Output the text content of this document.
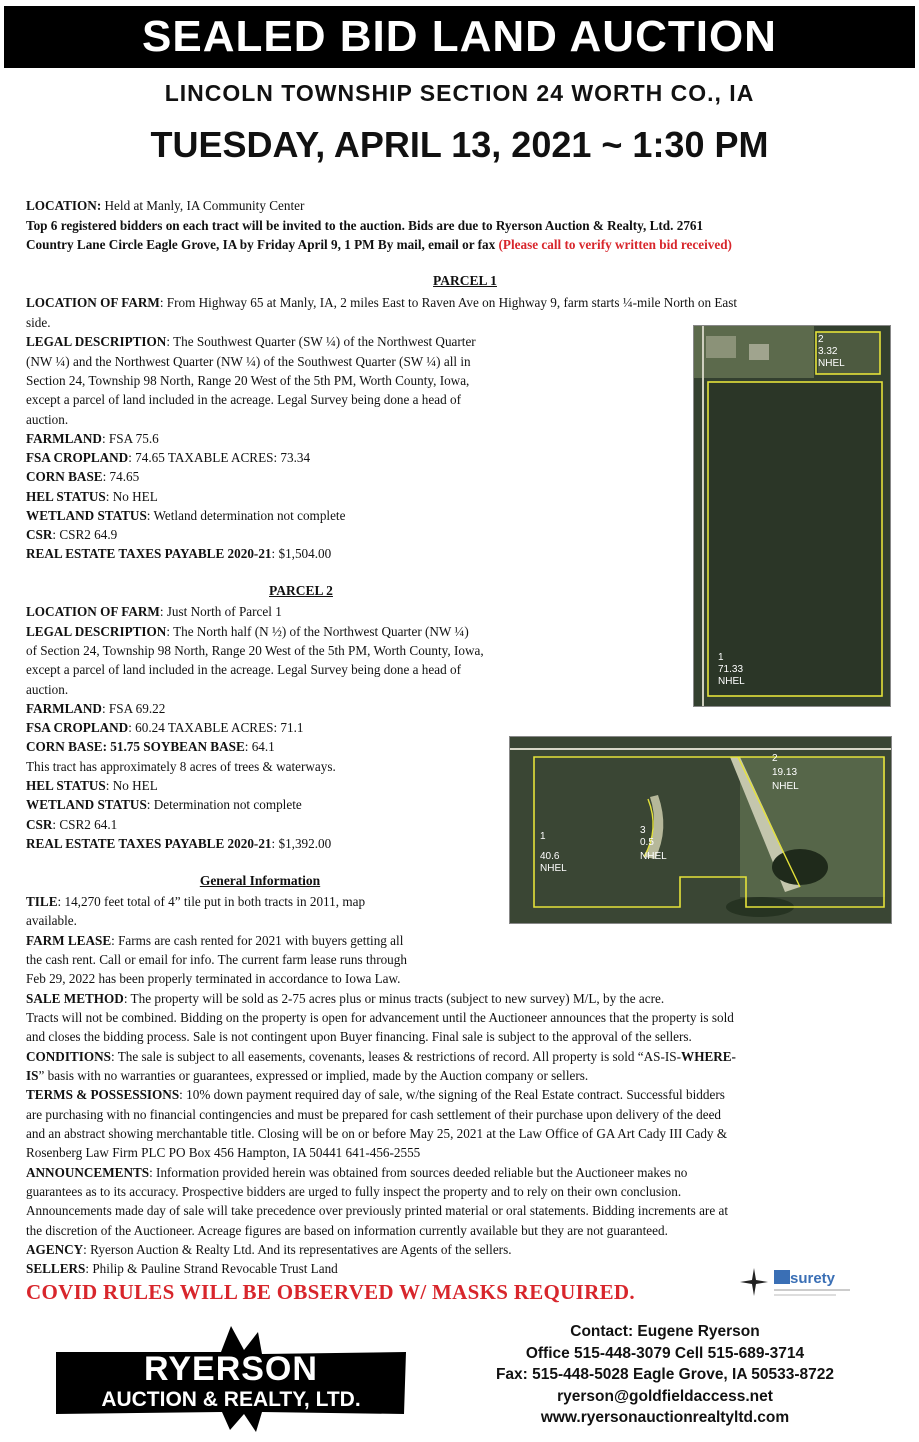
SEALED BID LAND AUCTION
LINCOLN TOWNSHIP SECTION 24 WORTH CO., IA
TUESDAY, APRIL 13, 2021 ~ 1:30 PM
LOCATION: Held at Manly, IA Community Center
Top 6 registered bidders on each tract will be invited to the auction. Bids are due to Ryerson Auction & Realty, Ltd. 2761
Country Lane Circle Eagle Grove, IA by Friday April 9, 1 PM By mail, email or fax (Please call to verify written bid received)
PARCEL 1
LOCATION OF FARM: From Highway 65 at Manly, IA, 2 miles East to Raven Ave on Highway 9, farm starts ¼-mile North on East
side.
LEGAL DESCRIPTION: The Southwest Quarter (SW ¼) of the Northwest Quarter
(NW ¼) and the Northwest Quarter (NW ¼) of the Southwest Quarter (SW ¼) all in
Section 24, Township 98 North, Range 20 West of the 5th PM, Worth County, Iowa,
except a parcel of land included in the acreage. Legal Survey being done a head of
auction.
FARMLAND: FSA 75.6
FSA CROPLAND: 74.65 TAXABLE ACRES: 73.34
CORN BASE: 74.65
HEL STATUS: No HEL
WETLAND STATUS: Wetland determination not complete
CSR: CSR2 64.9
REAL ESTATE TAXES PAYABLE 2020-21: $1,504.00
2
3.32
NHEL
1
71.33
NHEL
PARCEL 2
LOCATION OF FARM: Just North of Parcel 1
LEGAL DESCRIPTION: The North half (N ½) of the Northwest Quarter (NW ¼)
of Section 24, Township 98 North, Range 20 West of the 5th PM, Worth County, Iowa,
except a parcel of land included in the acreage. Legal Survey being done a head of
auction.
FARMLAND: FSA 69.22
FSA CROPLAND: 60.24 TAXABLE ACRES: 71.1
CORN BASE: 51.75 SOYBEAN BASE: 64.1
This tract has approximately 8 acres of trees & waterways.
HEL STATUS: No HEL
WETLAND STATUS: Determination not complete
CSR: CSR2 64.1
REAL ESTATE TAXES PAYABLE 2020-21: $1,392.00	1
40.6
NHEL
3
0.5
NHEL
2
19.13
NHEL
General Information
TILE: 14,270 feet total of 4” tile put in both tracts in 2011, map
available.
FARM LEASE: Farms are cash rented for 2021 with buyers getting all
the cash rent. Call or email for info. The current farm lease runs through
Feb 29, 2022 has been properly terminated in accordance to Iowa Law.
SALE METHOD: The property will be sold as 2-75 acres plus or minus tracts (subject to new survey) M/L, by the acre.
Tracts will not be combined. Bidding on the property is open for advancement until the Auctioneer announces that the property is sold
and closes the bidding process. Sale is not contingent upon Buyer financing. Final sale is subject to the approval of the sellers.
CONDITIONS: The sale is subject to all easements, covenants, leases & restrictions of record. All property is sold “AS-IS-WHERE-
IS” basis with no warranties or guarantees, expressed or implied, made by the Auction company or sellers.
TERMS & POSSESSIONS: 10% down payment required day of sale, w/the signing of the Real Estate contract. Successful bidders
are purchasing with no financial contingencies and must be prepared for cash settlement of their purchase upon delivery of the deed
and an abstract showing merchantable title. Closing will be on or before May 25, 2021 at the Law Office of GA Art Cady III Cady &
Rosenberg Law Firm PLC PO Box 456 Hampton, IA 50441 641-456-2555
ANNOUNCEMENTS: Information provided herein was obtained from sources deeded reliable but the Auctioneer makes no
guarantees as to its accuracy. Prospective bidders are urged to fully inspect the property and to rely on their own conclusion.
Announcements made day of sale will take precedence over previously printed material or oral statements. Bidding increments are at
the discretion of the Auctioneer. Acreage figures are based on information currently available but they are not guaranteed.
AGENCY: Ryerson Auction & Realty Ltd. And its representatives are Agents of the sellers.
SELLERS: Philip & Pauline Strand Revocable Trust Land
surety
COVID RULES WILL BE OBSERVED W/ MASKS REQUIRED.
RYERSON
AUCTION & REALTY, LTD.
Contact: Eugene Ryerson
Office 515-448-3079 Cell 515-689-3714
Fax: 515-448-5028 Eagle Grove, IA 50533-8722
ryerson@goldfieldaccess.net
www.ryersonauctionrealtyltd.com
